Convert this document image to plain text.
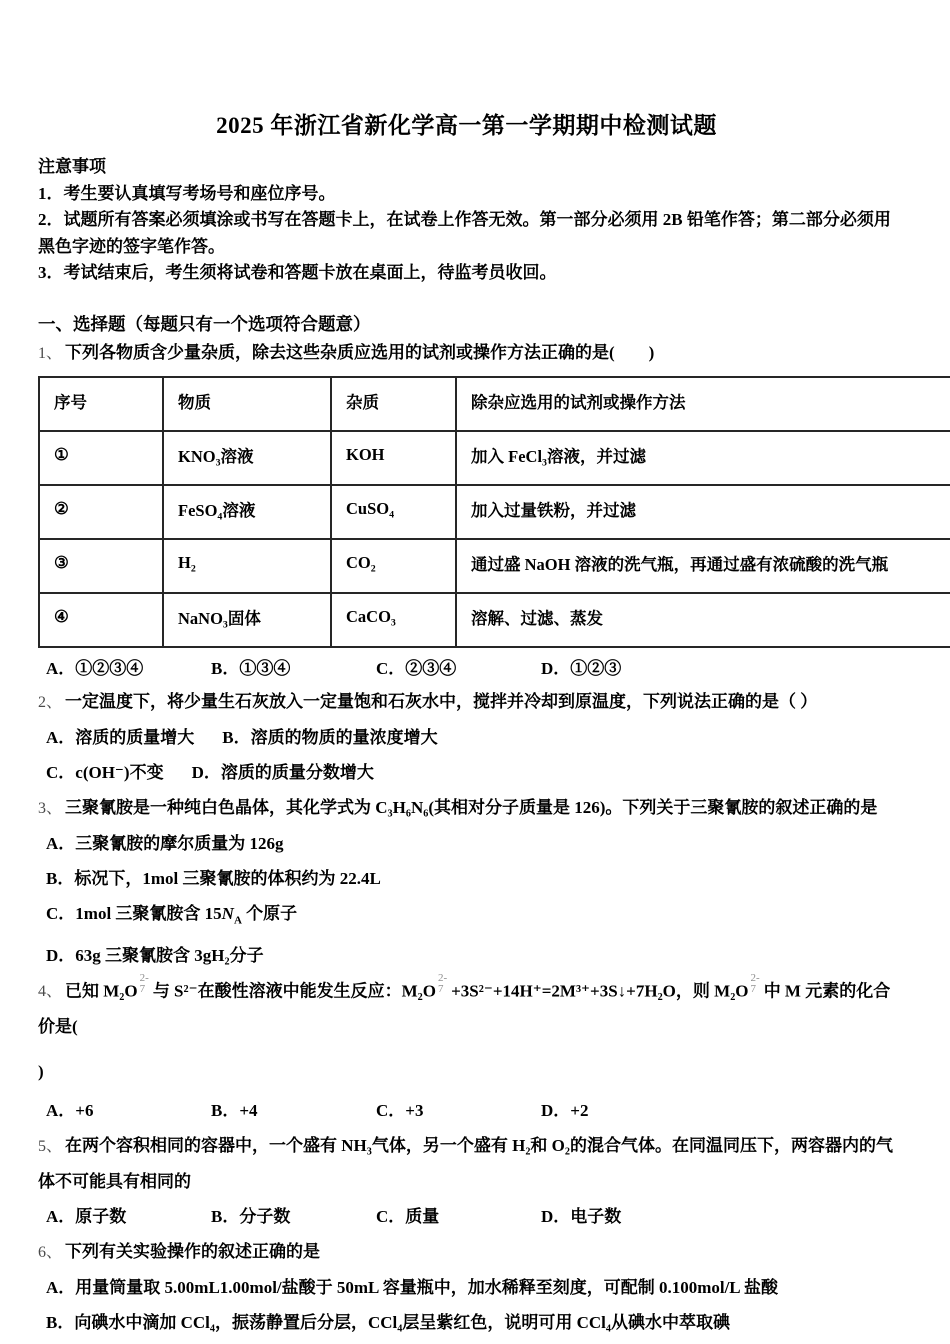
2025 年浙江省新化学高一第一学期期中检测试题
注意事项
1．考生要认真填写考场号和座位序号。
2．试题所有答案必须填涂或书写在答题卡上，在试卷上作答无效。第一部分必须用 2B 铅笔作答；第二部分必须用黑色字迹的签字笔作答。
3．考试结束后，考生须将试卷和答题卡放在桌面上，待监考员收回。
一、选择题（每题只有一个选项符合题意）
1、 下列各物质含少量杂质，除去这些杂质应选用的试剂或操作方法正确的是(　　)
序号	物质	杂质	除杂应选用的试剂或操作方法
①	KNO₃溶液	KOH	加入 FeCl₃溶液，并过滤
②	FeSO₄溶液	CuSO₄	加入过量铁粉，并过滤
③	H₂	CO₂	通过盛 NaOH 溶液的洗气瓶，再通过盛有浓硫酸的洗气瓶
④	NaNO₃固体	CaCO₃	溶解、过滤、蒸发
A．①②③④	B．①③④	C．②③④	D．①②③
2、 一定温度下，将少量生石灰放入一定量饱和石灰水中，搅拌并冷却到原温度，下列说法正确的是（ ）
A．溶质的质量增大 B．溶质的物质的量浓度增大
C．c(OH⁻)不变 D．溶质的质量分数增大
3、 三聚氰胺是一种纯白色晶体，其化学式为 C₃H₆N₆(其相对分子质量是 126)。下列关于三聚氰胺的叙述正确的是
A．三聚氰胺的摩尔质量为 126g
B．标况下，1mol 三聚氰胺的体积约为 22.4L
C．1mol 三聚氰胺含 $15N_A$ 个原子
D．63g 三聚氰胺含 3gH₂分子
4、 已知 M₂O
2-
7 与 S²⁻在酸性溶液中能发生反应：M₂O
2-
7 +3S²⁻+14H⁺=2M³⁺+3S↓+7H₂O，则 M₂O
2-
7 中 M 元素的化合价是(
)
A．+6	B．+4	C．+3	D．+2
5、 在两个容积相同的容器中，一个盛有 NH₃气体，另一个盛有 H₂和 O₂的混合气体。在同温同压下，两容器内的气体不可能具有相同的
A．原子数	B．分子数	C．质量	D．电子数
6、 下列有关实验操作的叙述正确的是
A．用量筒量取 5.00mL1.00mol/盐酸于 50mL 容量瓶中，加水稀释至刻度，可配制 0.100mol/L 盐酸
B．向碘水中滴加 CCl₄，振荡静置后分层，CCl₄层呈紫红色，说明可用 CCl₄从碘水中萃取碘
